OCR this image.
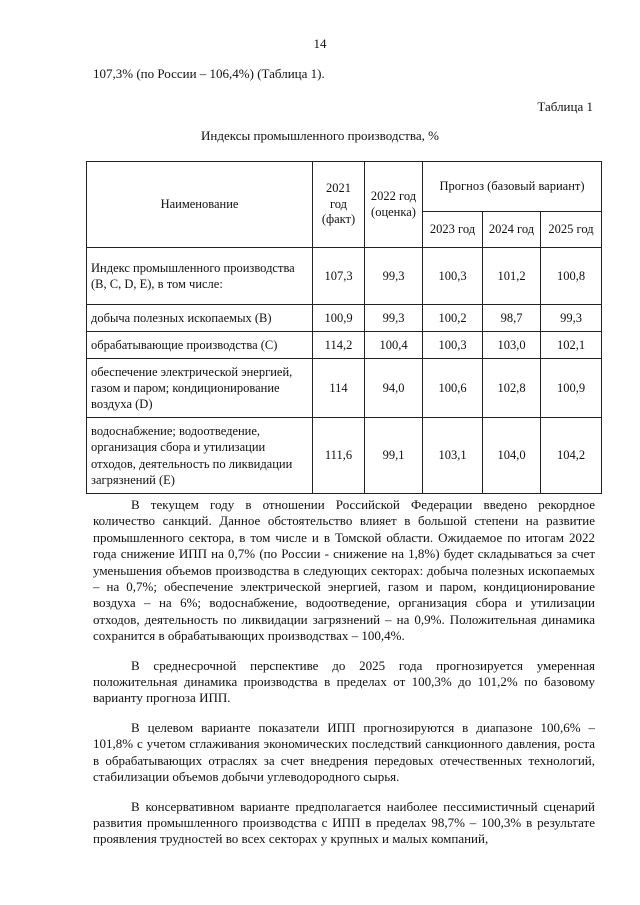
14
107,3% (по России – 106,4%) (Таблица 1).
Таблица 1
Индексы промышленного производства, %
Наименование	2021 год (факт)	2022 год (оценка)	Прогноз (базовый вариант)		
			2023 год	2024 год	2025 год
Индекс промышленного производства (B, C, D, E), в том числе:	107,3	99,3	100,3	101,2	100,8
добыча полезных ископаемых (B)	100,9	99,3	100,2	98,7	99,3
обрабатывающие производства (C)	114,2	100,4	100,3	103,0	102,1
обеспечение электрической энергией, газом и паром; кондиционирование воздуха (D)	114	94,0	100,6	102,8	100,9
водоснабжение; водоотведение, организация сбора и утилизации отходов, деятельность по ликвидации загрязнений (E)	111,6	99,1	103,1	104,0	104,2

В текущем году в отношении Российской Федерации введено рекордное количество санкций. Данное обстоятельство влияет в большой степени на развитие промышленного сектора, в том числе и в Томской области. Ожидаемое по итогам 2022 года снижение ИПП на 0,7% (по России - снижение на 1,8%) будет складываться за счет уменьшения объемов производства в следующих секторах: добыча полезных ископаемых – на 0,7%; обеспечение электрической энергией, газом и паром, кондиционирование воздуха – на 6%; водоснабжение, водоотведение, организация сбора и утилизации отходов, деятельность по ликвидации загрязнений – на 0,9%. Положительная динамика сохранится в обрабатывающих производствах – 100,4%.

В среднесрочной перспективе до 2025 года прогнозируется умеренная положительная динамика производства в пределах от 100,3% до 101,2% по базовому варианту прогноза ИПП.

В целевом варианте показатели ИПП прогнозируются в диапазоне 100,6% – 101,8% с учетом сглаживания экономических последствий санкционного давления, роста в обрабатывающих отраслях за счет внедрения передовых отечественных технологий, стабилизации объемов добычи углеводородного сырья.

В консервативном варианте предполагается наиболее пессимистичный сценарий развития промышленного производства с ИПП в пределах 98,7% – 100,3% в результате проявления трудностей во всех секторах у крупных и малых компаний,
